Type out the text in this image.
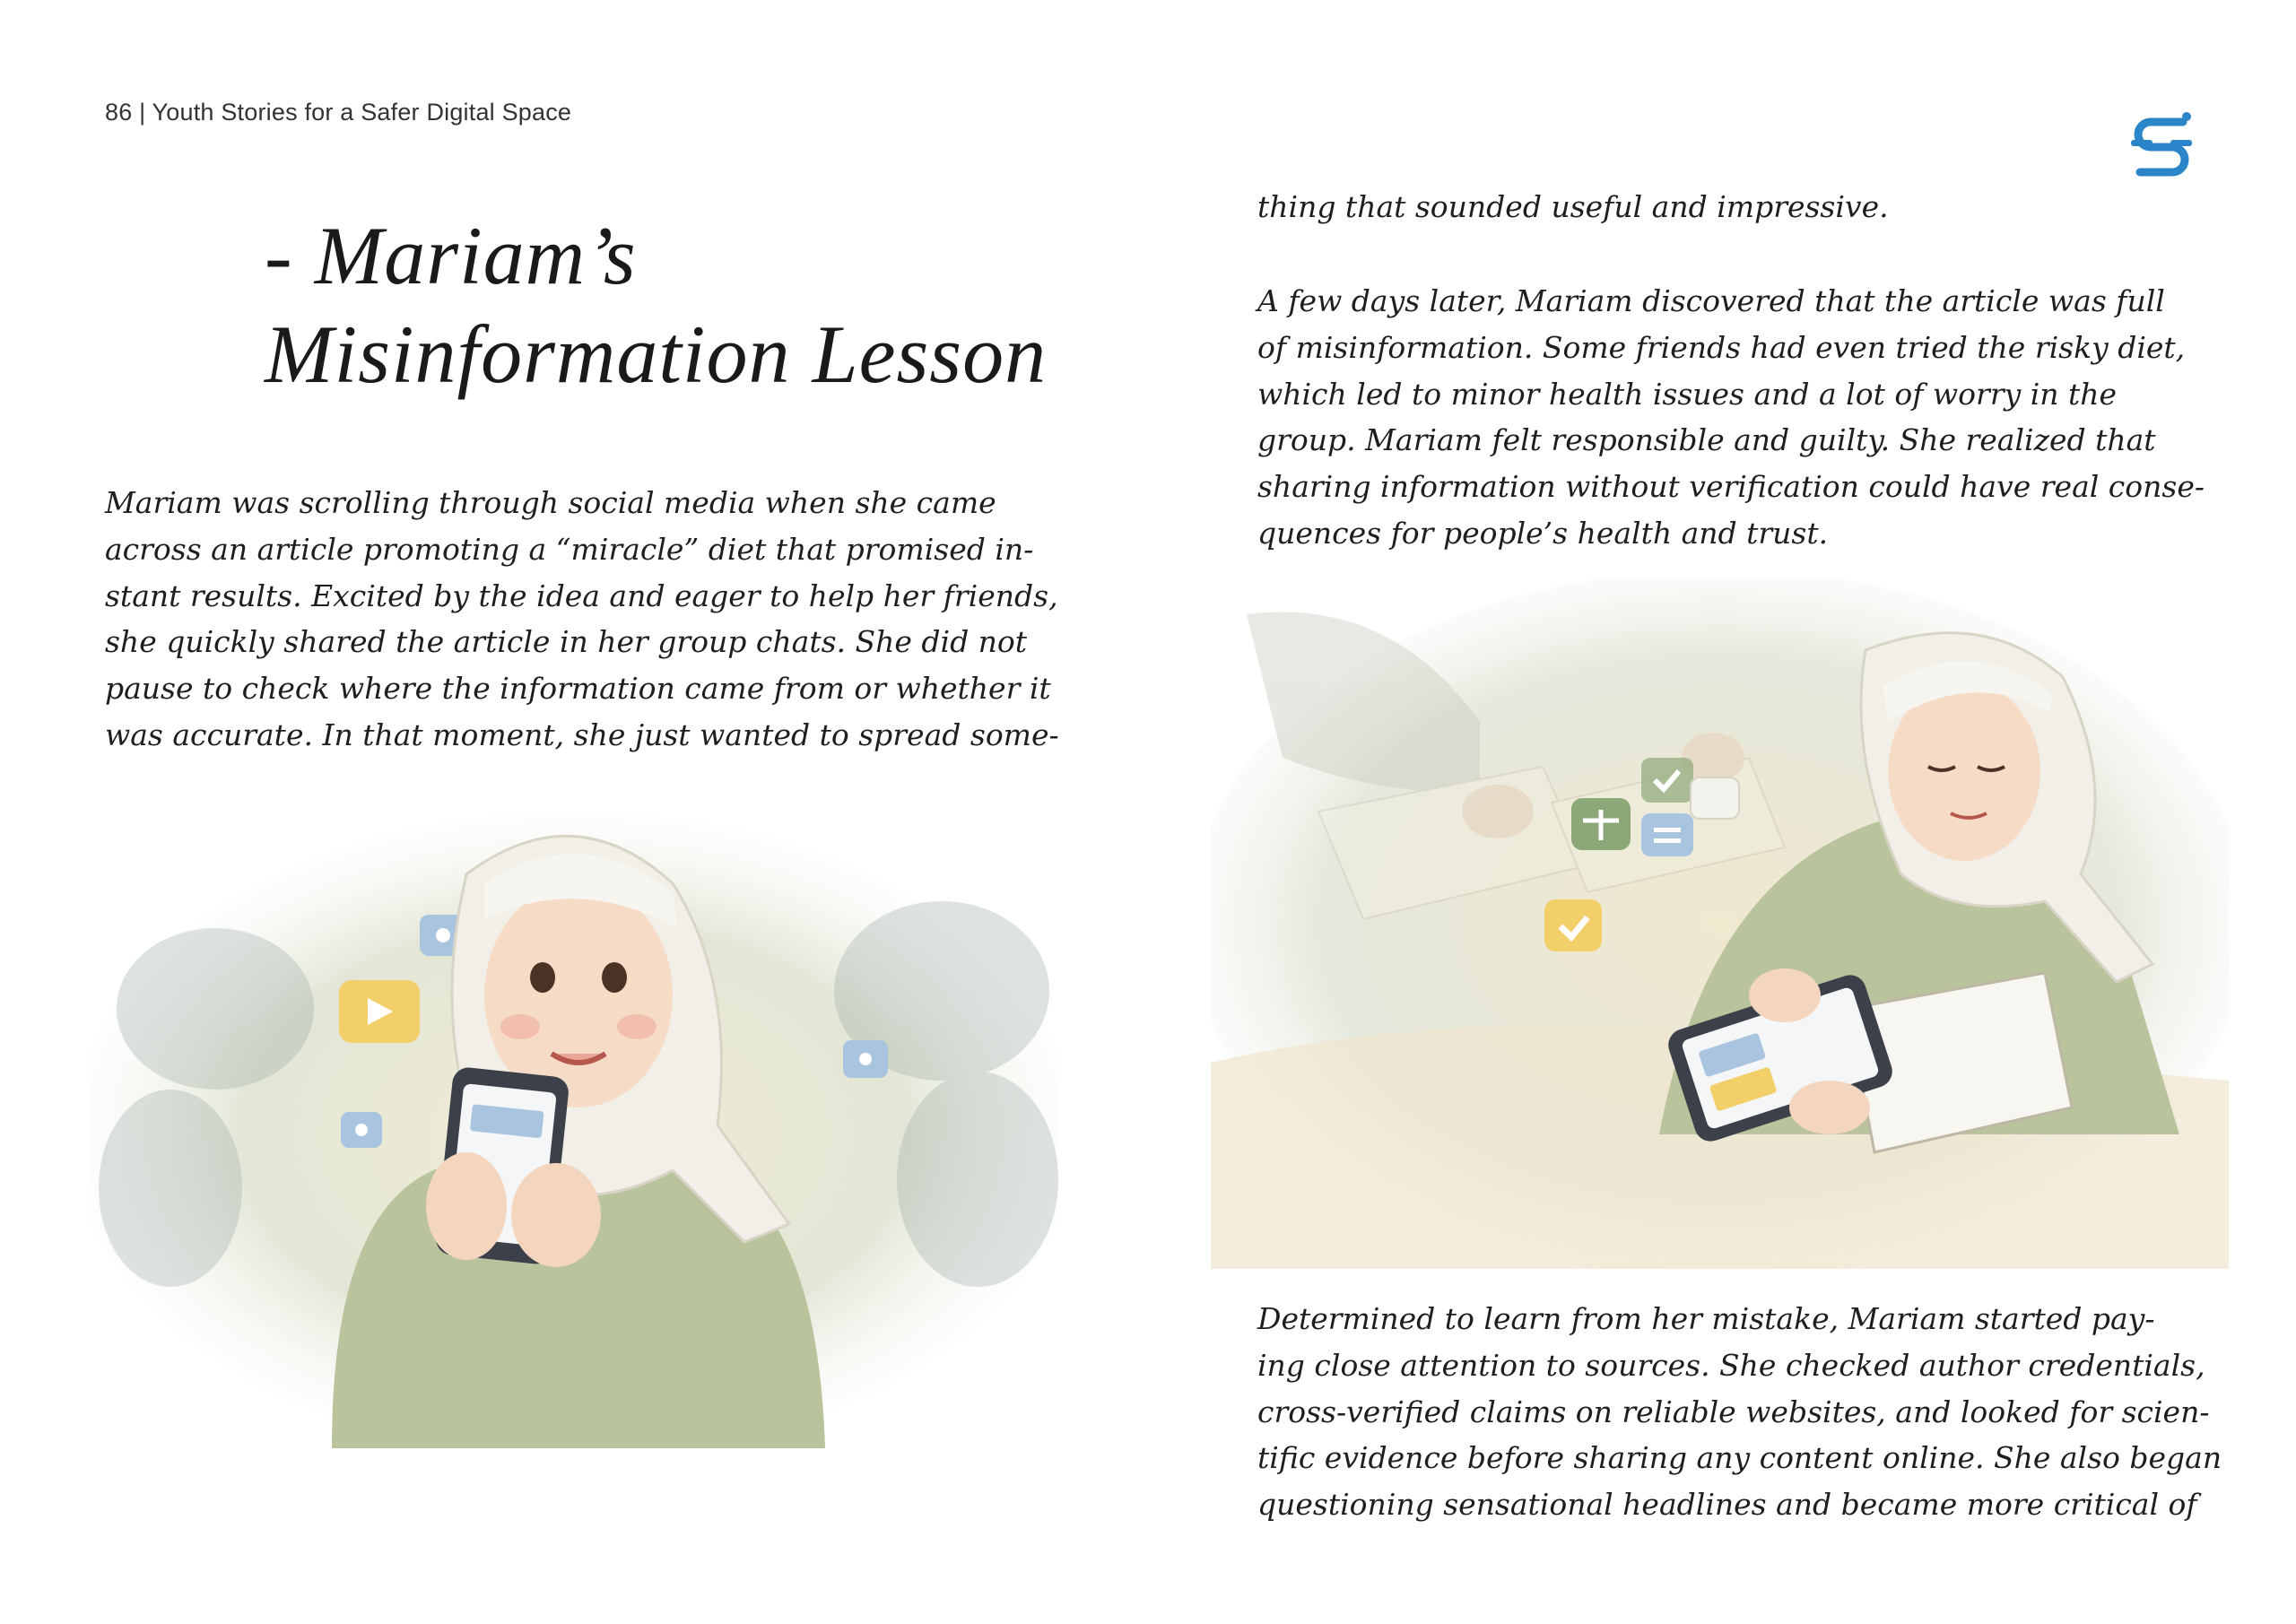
86 | Youth Stories for a Safer Digital Space
- Mariam’s
Misinformation Lesson

Mariam was scrolling through social media when she came
across an article promoting a “miracle” diet that promised in-
stant results. Excited by the idea and eager to help her friends,
she quickly shared the article in her group chats. She did not
pause to check where the information came from or whether it
was accurate. In that moment, she just wanted to spread some-

thing that sounded useful and impressive.

A few days later, Mariam discovered that the article was full
of misinformation. Some friends had even tried the risky diet,
which led to minor health issues and a lot of worry in the
group. Mariam felt responsible and guilty. She realized that
sharing information without verification could have real conse-
quences for people’s health and trust.

Determined to learn from her mistake, Mariam started pay-
ing close attention to sources. She checked author credentials,
cross-verified claims on reliable websites, and looked for scien-
tific evidence before sharing any content online. She also began
questioning sensational headlines and became more critical of
